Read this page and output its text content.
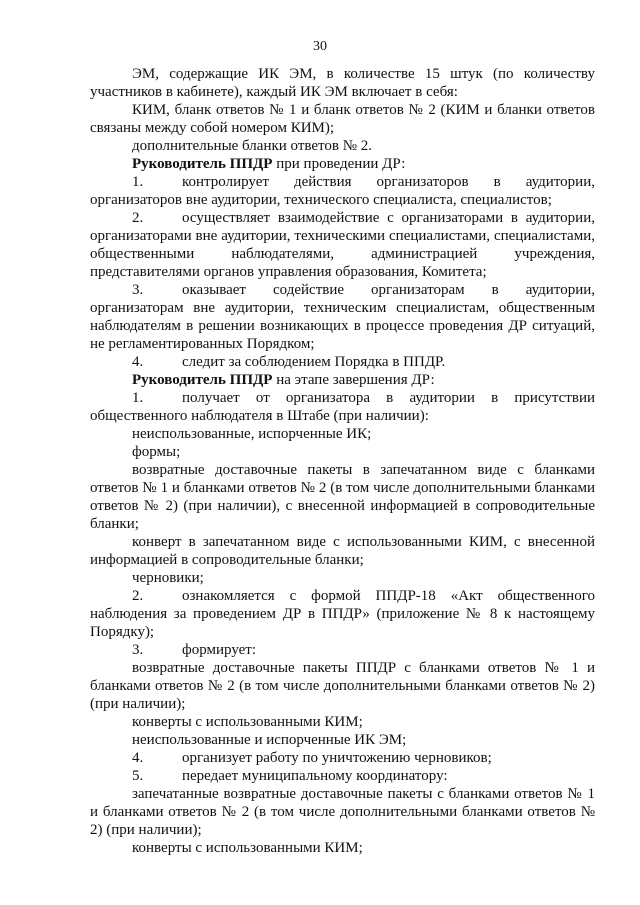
30

ЭМ, содержащие ИК ЭМ, в количестве 15 штук (по количеству участников в кабинете), каждый ИК ЭМ включает в себя:

КИМ, бланк ответов № 1 и бланк ответов № 2 (КИМ и бланки ответов связаны между собой номером КИМ);

дополнительные бланки ответов № 2.

Руководитель ППДР при проведении ДР:

1.	контролирует действия организаторов в аудитории, организаторов вне аудитории, технического специалиста, специалистов;

2.	осуществляет взаимодействие с организаторами в аудитории, организаторами вне аудитории, техническими специалистами, специалистами, общественными наблюдателями, администрацией учреждения, представителями органов управления образования, Комитета;

3.	оказывает содействие организаторам в аудитории, организаторам вне аудитории, техническим специалистам, общественным наблюдателям в решении возникающих в процессе проведения ДР ситуаций, не регламентированных Порядком;

4.	следит за соблюдением Порядка в ППДР.

Руководитель ППДР на этапе завершения ДР:

1.	получает от организатора в аудитории в присутствии общественного наблюдателя в Штабе (при наличии):

неиспользованные, испорченные ИК;

формы;

возвратные доставочные пакеты в запечатанном виде с бланками ответов № 1 и бланками ответов № 2 (в том числе дополнительными бланками ответов № 2) (при наличии), с внесенной информацией в сопроводительные бланки;

конверт в запечатанном виде с использованными КИМ, с внесенной информацией в сопроводительные бланки;

черновики;

2.	ознакомляется с формой ППДР-18 «Акт общественного наблюдения за проведением ДР в ППДР» (приложение № 8 к настоящему Порядку);

3.	формирует:

возвратные доставочные пакеты ППДР с бланками ответов № 1 и бланками ответов № 2 (в том числе дополнительными бланками ответов № 2) (при наличии);

конверты с использованными КИМ;

неиспользованные и испорченные ИК ЭМ;

4.	организует работу по уничтожению черновиков;

5.	передает муниципальному координатору:

запечатанные возвратные доставочные пакеты с бланками ответов № 1 и бланками ответов № 2 (в том числе дополнительными бланками ответов № 2) (при наличии);

конверты с использованными КИМ;
